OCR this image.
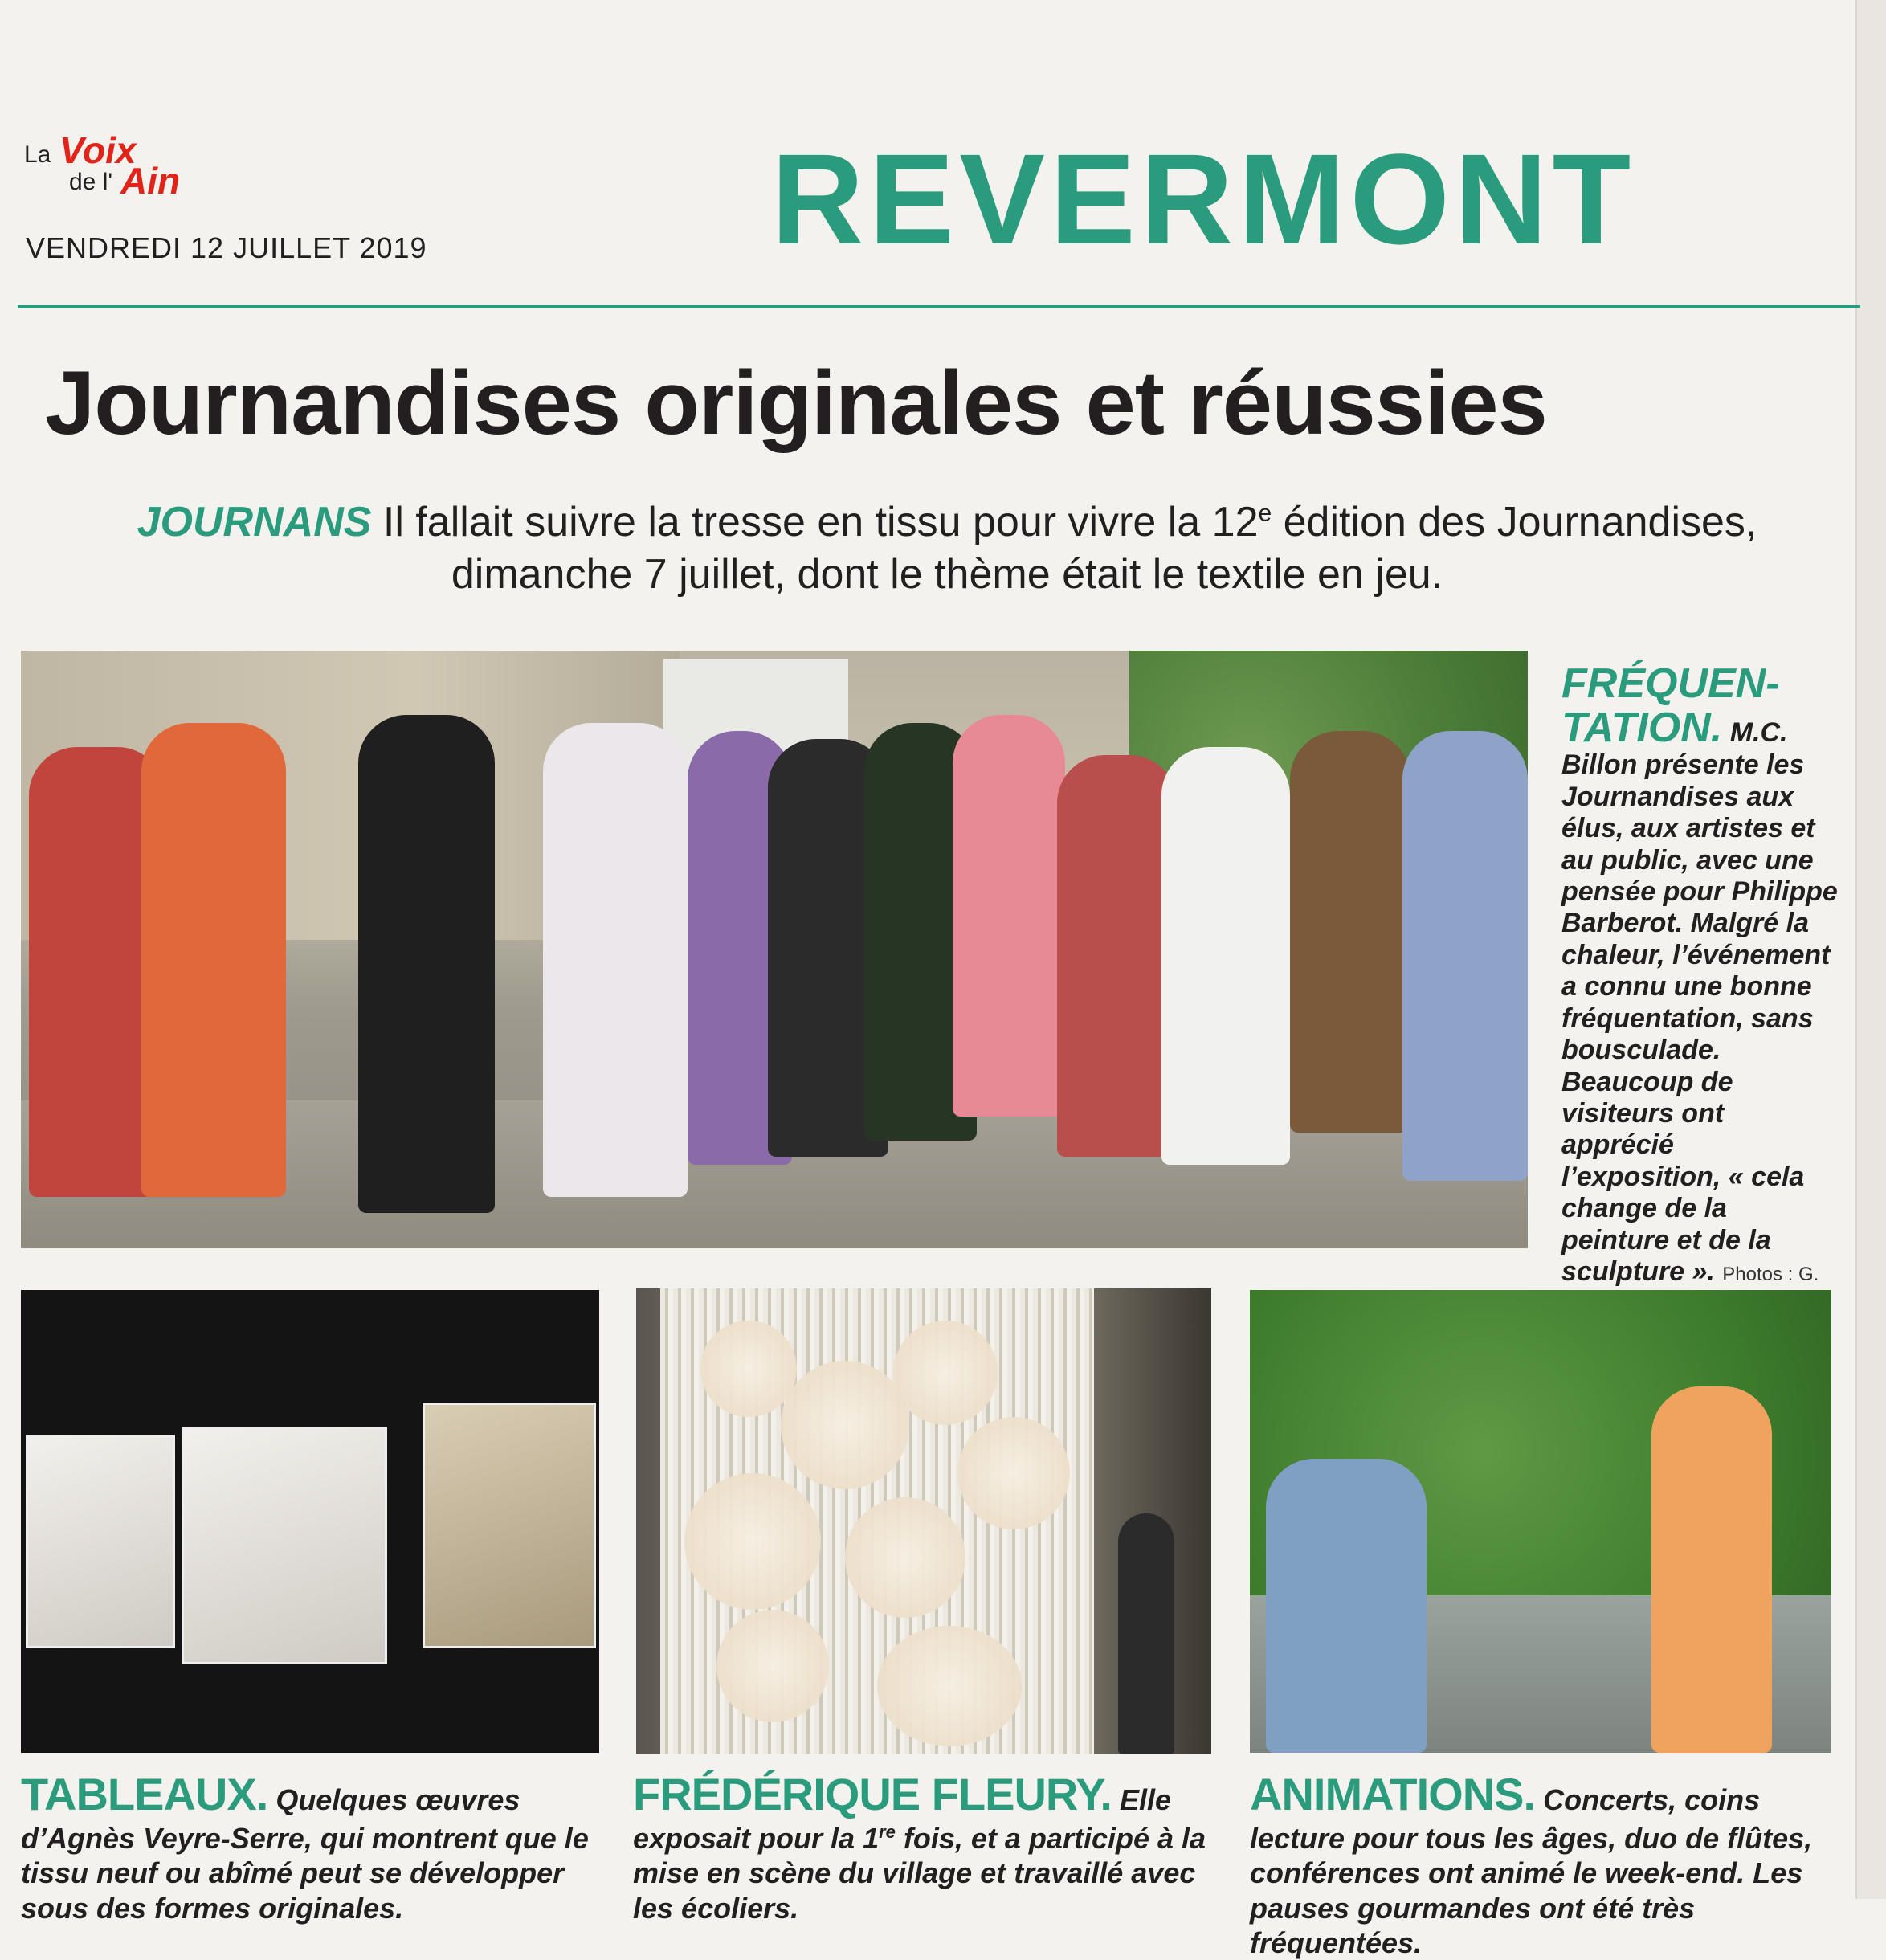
La Voix
de l' Ain
VENDREDI 12 JUILLET 2019	REVERMONT
Journandises originales et réussies
JOURNANS Il fallait suivre la tresse en tissu pour vivre la 12e édition des Journandises, dimanche 7 juillet, dont le thème était le textile en jeu.
FRÉQUEN-TATION. M.C. Billon présente les Journandises aux élus, aux artistes et au public, avec une pensée pour Philippe Barberot. Malgré la chaleur, l’événement a connu une bonne fréquentation, sans bousculade. Beaucoup de visiteurs ont apprécié l’exposition, « cela change de la peinture et de la sculpture ». Photos : G.
TABLEAUX. Quelques œuvres d’Agnès Veyre-Serre, qui montrent que le tissu neuf ou abîmé peut se développer sous des formes originales.
FRÉDÉRIQUE FLEURY. Elle exposait pour la 1re fois, et a participé à la mise en scène du village et travaillé avec les écoliers.
ANIMATIONS. Concerts, coins lecture pour tous les âges, duo de flûtes, conférences ont animé le week-end. Les pauses gourmandes ont été très fréquentées.
